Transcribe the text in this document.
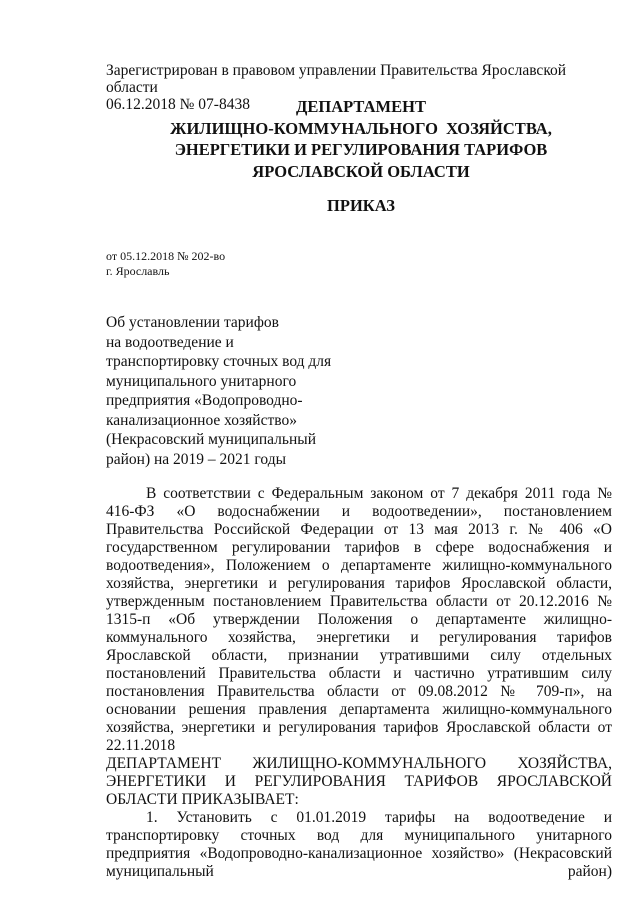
Зарегистрирован в правовом управлении Правительства Ярославской области
06.12.2018 № 07-8438	ДЕПАРТАМЕНТ
ЖИЛИЩНО-КОММУНАЛЬНОГО  ХОЗЯЙСТВА,
ЭНЕРГЕТИКИ И РЕГУЛИРОВАНИЯ ТАРИФОВ
ЯРОСЛАВСКОЙ ОБЛАСТИ
ПРИКАЗ
от 05.12.2018 № 202-во
г. Ярославль
Об установлении тарифов
на водоотведение и
транспортировку сточных вод для
муниципального унитарного
предприятия «Водопроводно-
канализационное хозяйство»
(Некрасовский муниципальный
район) на 2019 – 2021 годы

В соответствии с Федеральным законом от 7 декабря 2011 года № 416-ФЗ «О водоснабжении и водоотведении», постановлением Правительства Российской Федерации от 13 мая 2013 г. № 406 «О государственном регулировании тарифов в сфере водоснабжения и водоотведения», Положением о департаменте жилищно-коммунального хозяйства, энергетики и регулирования тарифов Ярославской области, утвержденным постановлением Правительства области от 20.12.2016 № 1315-п «Об утверждении Положения о департаменте жилищно-коммунального хозяйства, энергетики и регулирования тарифов Ярославской области, признании утратившими силу отдельных постановлений Правительства области и частично утратившим силу постановления Правительства области от 09.08.2012 № 709-п», на основании решения правления департамента жилищно-коммунального хозяйства, энергетики и регулирования тарифов Ярославской области от 22.11.2018

ДЕПАРТАМЕНТ ЖИЛИЩНО-КОММУНАЛЬНОГО ХОЗЯЙСТВА, ЭНЕРГЕТИКИ И РЕГУЛИРОВАНИЯ ТАРИФОВ ЯРОСЛАВСКОЙ

ОБЛАСТИ ПРИКАЗЫВАЕТ:

1. Установить с 01.01.2019 тарифы на водоотведение и транспортировку сточных вод для муниципального унитарного предприятия «Водопроводно-канализационное хозяйство» (Некрасовский муниципальный район)
